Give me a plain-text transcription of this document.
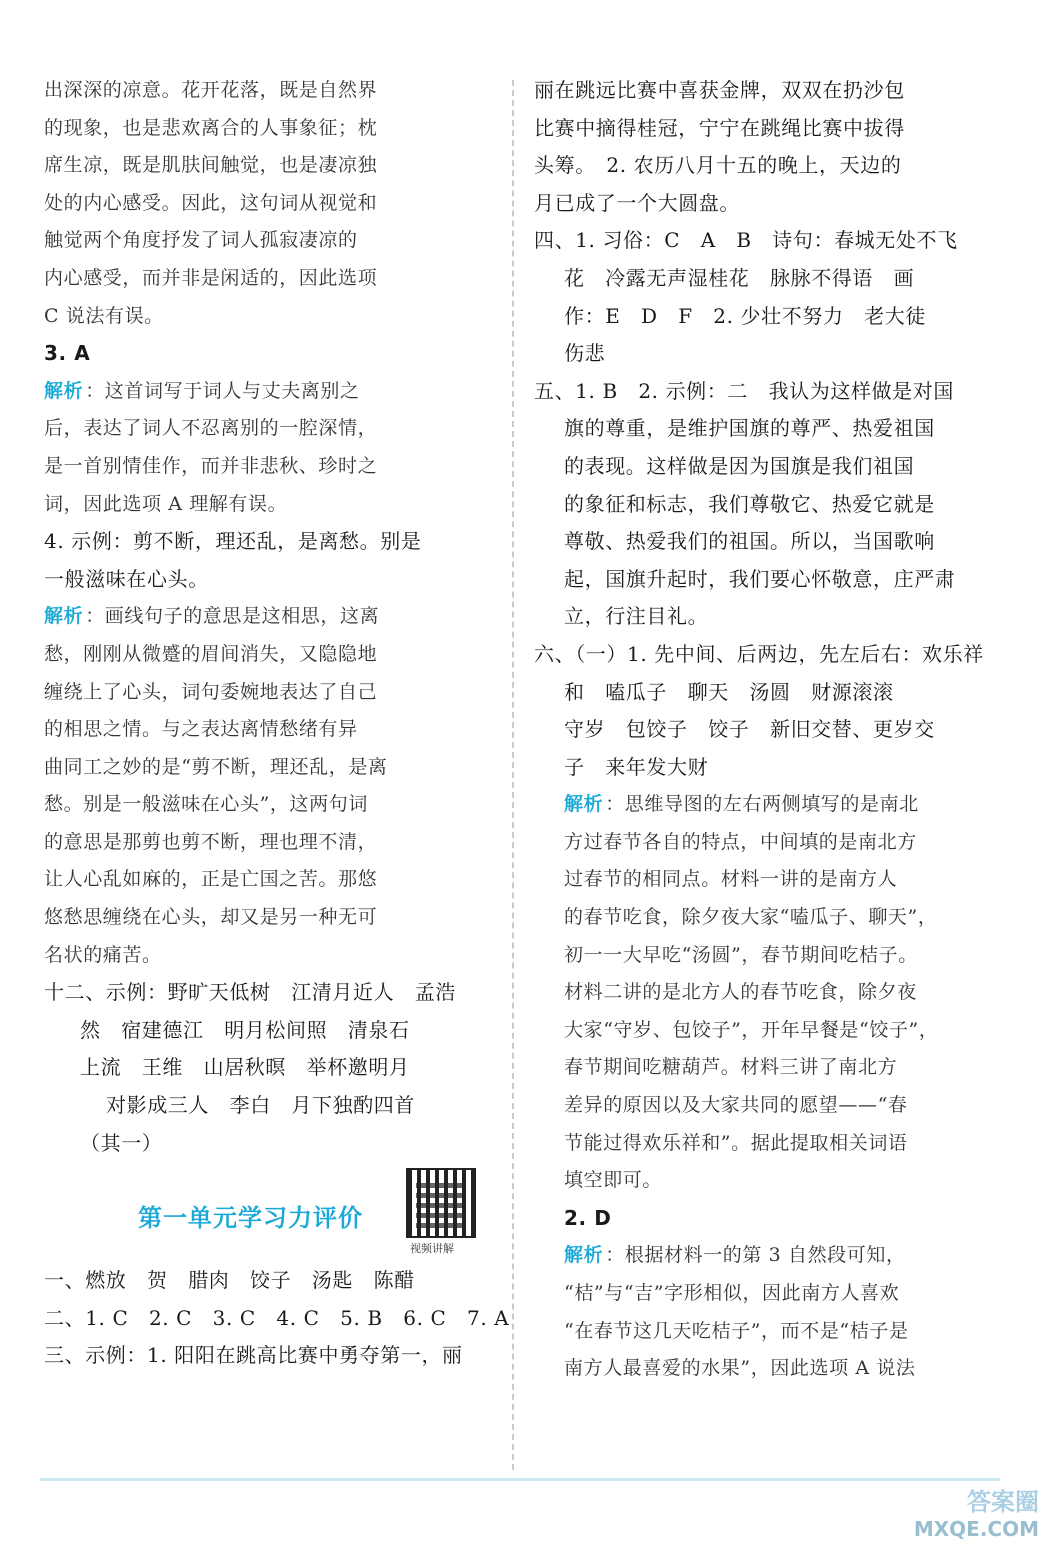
出深深的凉意。花开花落，既是自然界
的现象，也是悲欢离合的人事象征；枕
席生凉，既是肌肤间触觉，也是凄凉独
处的内心感受。因此，这句词从视觉和
触觉两个角度抒发了词人孤寂凄凉的
内心感受，而并非是闲适的，因此选项
C 说法有误。
3. A
解析 ：这首词写于词人与丈夫离别之
后，表达了词人不忍离别的一腔深情，
是一首别情佳作，而并非悲秋、珍时之
词，因此选项 A 理解有误。
4. 示例：剪不断，理还乱，是离愁。别是
一般滋味在心头。
解析 ：画线句子的意思是这相思，这离
愁，刚刚从微蹙的眉间消失，又隐隐地
缠绕上了心头，词句委婉地表达了自己
的相思之情。与之表达离情愁绪有异
曲同工之妙的是“剪不断，理还乱，是离
愁。别是一般滋味在心头”，这两句词
的意思是那剪也剪不断，理也理不清，
让人心乱如麻的，正是亡国之苦。那悠
悠愁思缠绕在心头，却又是另一种无可
名状的痛苦。
十二、示例：野旷天低树　江清月近人　孟浩
然　宿建德江　明月松间照　清泉石
上流　王维　山居秋暝　举杯邀明月
对影成三人　李白　月下独酌四首
（其一）
第一单元学习力评价
视频讲解
一、燃放　贺　腊肉　饺子　汤匙　陈醋
二、1. C　2. C　3. C　4. C　5. B　6. C　7. A
三、示例：1. 阳阳在跳高比赛中勇夺第一，丽
丽在跳远比赛中喜获金牌，双双在扔沙包
比赛中摘得桂冠，宁宁在跳绳比赛中拔得
头筹。　2. 农历八月十五的晚上，天边的
月已成了一个大圆盘。
四、1. 习俗：C　A　B　诗句：春城无处不飞
花　冷露无声湿桂花　脉脉不得语　画
作：E　D　F　2. 少壮不努力　老大徒
伤悲
五、1. B　2. 示例：二　我认为这样做是对国
旗的尊重，是维护国旗的尊严、热爱祖国
的表现。这样做是因为国旗是我们祖国
的象征和标志，我们尊敬它、热爱它就是
尊敬、热爱我们的祖国。所以，当国歌响
起，国旗升起时，我们要心怀敬意，庄严肃
立，行注目礼。
六、（一）1. 先中间、后两边，先左后右：欢乐祥
和　嗑瓜子　聊天　汤圆　财源滚滚
守岁　包饺子　饺子　新旧交替、更岁交
子　来年发大财
解析 ：思维导图的左右两侧填写的是南北
方过春节各自的特点，中间填的是南北方
过春节的相同点。材料一讲的是南方人
的春节吃食，除夕夜大家“嗑瓜子、聊天”，
初一一大早吃“汤圆”，春节期间吃桔子。
材料二讲的是北方人的春节吃食，除夕夜
大家“守岁、包饺子”，开年早餐是“饺子”，
春节期间吃糖葫芦。材料三讲了南北方
差异的原因以及大家共同的愿望——“春
节能过得欢乐祥和”。据此提取相关词语
填空即可。
2. D
解析 ：根据材料一的第 3 自然段可知，
“桔”与“吉”字形相似，因此南方人喜欢
“在春节这几天吃桔子”，而不是“桔子是
南方人最喜爱的水果”，因此选项 A 说法
答案圈
MXQE.COM
